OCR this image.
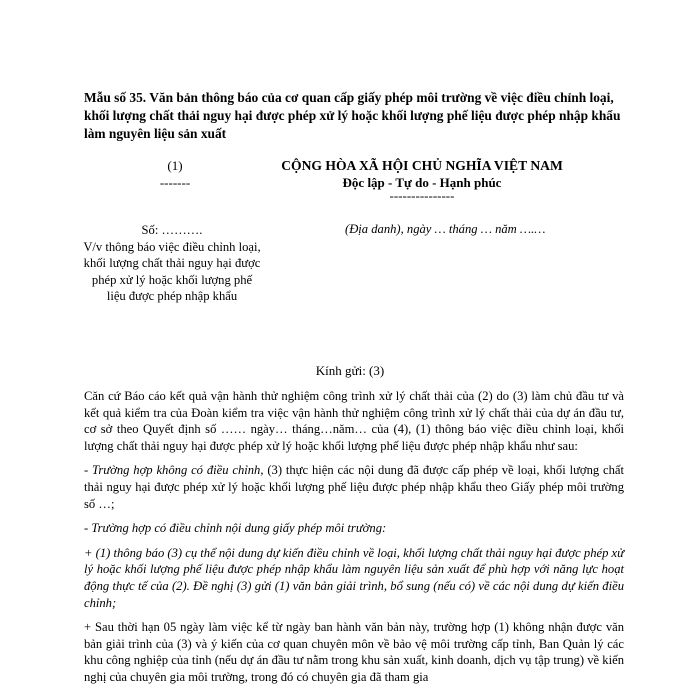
Mẫu số 35. Văn bản thông báo của cơ quan cấp giấy phép môi trường về việc điều chỉnh loại, khối lượng chất thải nguy hại được phép xử lý hoặc khối lượng phế liệu được phép nhập khẩu làm nguyên liệu sản xuất
(1)
-------
CỘNG HÒA XÃ HỘI CHỦ NGHĨA VIỆT NAM
Độc lập - Tự do - Hạnh phúc
---------------
Số: ……….
V/v thông báo việc điều chỉnh loại, khối lượng chất thải nguy hại được phép xử lý hoặc khối lượng phế liệu được phép nhập khẩu
(Địa danh), ngày … tháng … năm ….…
Kính gửi: (3)

Căn cứ Báo cáo kết quả vận hành thử nghiệm công trình xử lý chất thải của (2) do (3) làm chủ đầu tư và kết quả kiểm tra của Đoàn kiểm tra việc vận hành thử nghiệm công trình xử lý chất thải của dự án đầu tư, cơ sở theo Quyết định số …… ngày… tháng…năm… của (4), (1) thông báo việc điều chỉnh loại, khối lượng chất thải nguy hại được phép xử lý hoặc khối lượng phế liệu được phép nhập khẩu như sau:

- Trường hợp không có điều chỉnh, (3) thực hiện các nội dung đã được cấp phép về loại, khối lượng chất thải nguy hại được phép xử lý hoặc khối lượng phế liệu được phép nhập khẩu theo Giấy phép môi trường số …;

- Trường hợp có điều chỉnh nội dung giấy phép môi trường:

+ (1) thông báo (3) cụ thể nội dung dự kiến điều chỉnh về loại, khối lượng chất thải nguy hại được phép xử lý hoặc khối lượng phế liệu được phép nhập khẩu làm nguyên liệu sản xuất để phù hợp với năng lực hoạt động thực tế của (2). Đề nghị (3) gửi (1) văn bản giải trình, bổ sung (nếu có) về các nội dung dự kiến điều chỉnh;

+ Sau thời hạn 05 ngày làm việc kể từ ngày ban hành văn bản này, trường hợp (1) không nhận được văn bản giải trình của (3) và ý kiến của cơ quan chuyên môn về bảo vệ môi trường cấp tỉnh, Ban Quản lý các khu công nghiệp của tỉnh (nếu dự án đầu tư nằm trong khu sản xuất, kinh doanh, dịch vụ tập trung) về kiến nghị của chuyên gia môi trường, trong đó có chuyên gia đã tham gia
